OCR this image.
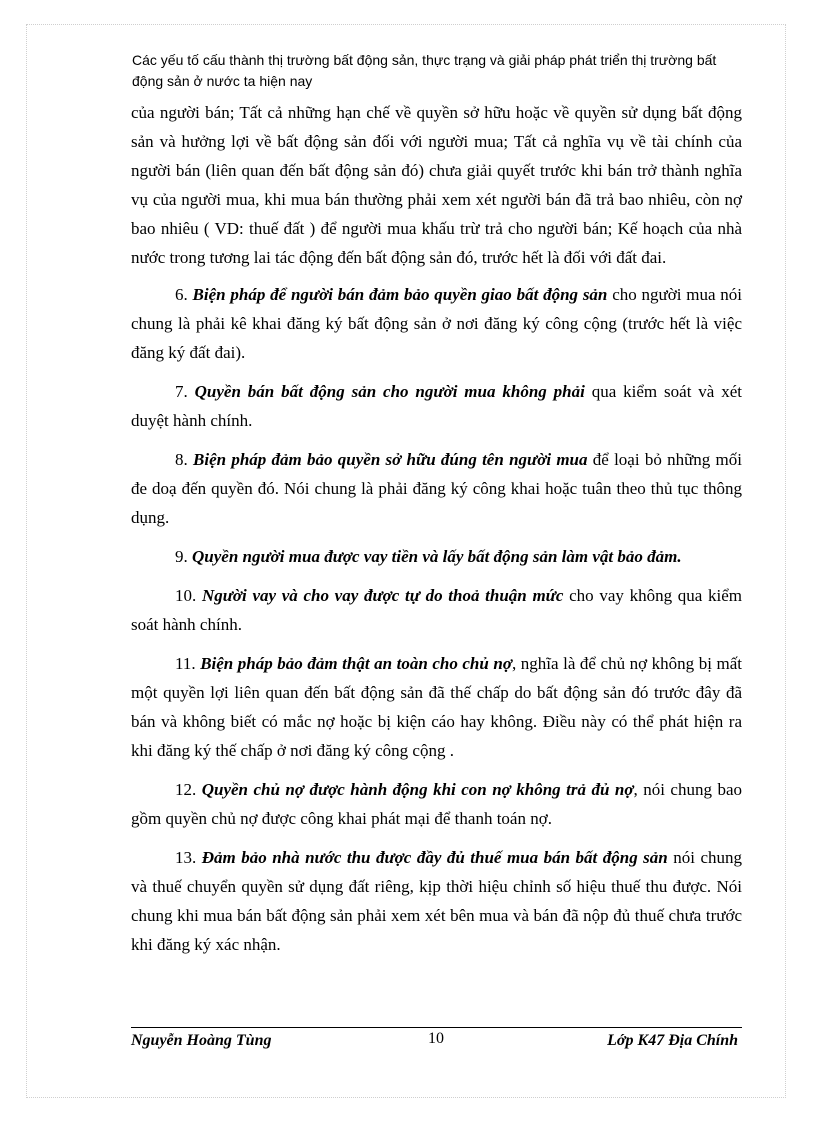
Các yếu tố cấu thành thị trường bất động sản, thực trạng và giải pháp phát triển thị trường bất động sản ở nước ta hiện nay

của người bán; Tất cả những hạn chế về quyền sở hữu hoặc về quyền sử dụng bất động sản và hưởng lợi về bất động sản đối với người mua; Tất cả nghĩa vụ về tài chính của người bán (liên quan đến bất động sản đó) chưa giải quyết trước khi bán trở thành nghĩa vụ của người mua, khi mua bán thường phải xem xét người bán đã trả bao nhiêu, còn nợ bao nhiêu ( VD: thuế đất ) để người mua khấu trừ trả cho người bán; Kế hoạch của nhà nước trong tương lai tác động đến bất động sản đó, trước hết là đối với đất đai.

6. Biện pháp để người bán đảm bảo quyền giao bất động sản cho người mua nói chung là phải kê khai đăng ký bất động sản ở nơi đăng ký công cộng (trước hết là việc đăng ký đất đai).

7. Quyền bán bất động sản cho người mua không phải qua kiểm soát và xét duyệt hành chính.

8. Biện pháp đảm bảo quyền sở hữu đúng tên người mua để loại bỏ những mối đe doạ đến quyền đó. Nói chung là phải đăng ký công khai hoặc tuân theo thủ tục thông dụng.

9. Quyền người mua được vay tiền và lấy bất động sản làm vật bảo đảm.

10. Người vay và cho vay được tự do thoả thuận mức cho vay không qua kiểm soát hành chính.

11. Biện pháp bảo đảm thật an toàn cho chủ nợ, nghĩa là để chủ nợ không bị mất một quyền lợi liên quan đến bất động sản đã thế chấp do bất động sản đó trước đây đã bán và không biết có mắc nợ hoặc bị kiện cáo hay không. Điều này có thể phát hiện ra khi đăng ký thế chấp ở nơi đăng ký công cộng .

12. Quyền chủ nợ được hành động khi con nợ không trả đủ nợ, nói chung bao gồm quyền chủ nợ được công khai phát mại để thanh toán nợ.

13. Đảm bảo nhà nước thu được đầy đủ thuế mua bán bất động sản nói chung và thuế chuyển quyền sử dụng đất riêng, kịp thời hiệu chỉnh số hiệu thuế thu được. Nói chung khi mua bán bất động sản phải xem xét bên mua và bán đã nộp đủ thuế chưa trước khi đăng ký xác nhận.

Nguyễn Hoàng Tùng	10	Lớp K47 Địa Chính
